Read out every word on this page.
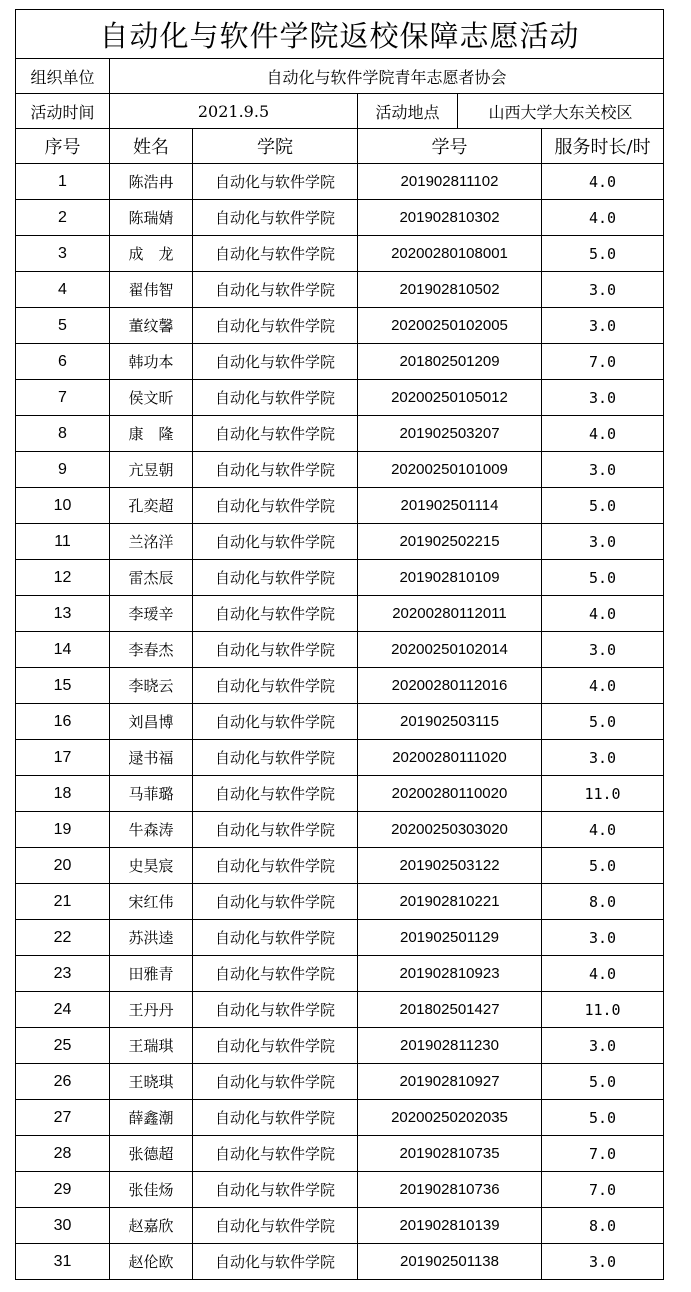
自动化与软件学院返校保障志愿活动					
组织单位	自动化与软件学院青年志愿者协会				
活动时间	2021.9.5		活动地点	山西大学大东关校区	
序号	姓名	学院	学号		服务时长/时
1	陈浩冉	自动化与软件学院	201902811102		4.0
2	陈瑞婧	自动化与软件学院	201902810302		4.0
3	成　龙	自动化与软件学院	20200280108001		5.0
4	翟伟智	自动化与软件学院	201902810502		3.0
5	董纹馨	自动化与软件学院	20200250102005		3.0
6	韩功本	自动化与软件学院	201802501209		7.0
7	侯文昕	自动化与软件学院	20200250105012		3.0
8	康　隆	自动化与软件学院	201902503207		4.0
9	亢昱朝	自动化与软件学院	20200250101009		3.0
10	孔奕超	自动化与软件学院	201902501114		5.0
11	兰洺洋	自动化与软件学院	201902502215		3.0
12	雷杰辰	自动化与软件学院	201902810109		5.0
13	李瑷辛	自动化与软件学院	20200280112011		4.0
14	李春杰	自动化与软件学院	20200250102014		3.0
15	李晓云	自动化与软件学院	20200280112016		4.0
16	刘昌博	自动化与软件学院	201902503115		5.0
17	逯书福	自动化与软件学院	20200280111020		3.0
18	马菲璐	自动化与软件学院	20200280110020		11.0
19	牛森涛	自动化与软件学院	20200250303020		4.0
20	史昊宸	自动化与软件学院	201902503122		5.0
21	宋红伟	自动化与软件学院	201902810221		8.0
22	苏洪逵	自动化与软件学院	201902501129		3.0
23	田雅青	自动化与软件学院	201902810923		4.0
24	王丹丹	自动化与软件学院	201802501427		11.0
25	王瑞琪	自动化与软件学院	201902811230		3.0
26	王晓琪	自动化与软件学院	201902810927		5.0
27	薛鑫潮	自动化与软件学院	20200250202035		5.0
28	张德超	自动化与软件学院	201902810735		7.0
29	张佳炀	自动化与软件学院	201902810736		7.0
30	赵嘉欣	自动化与软件学院	201902810139		8.0
31	赵伦欧	自动化与软件学院	201902501138		3.0
